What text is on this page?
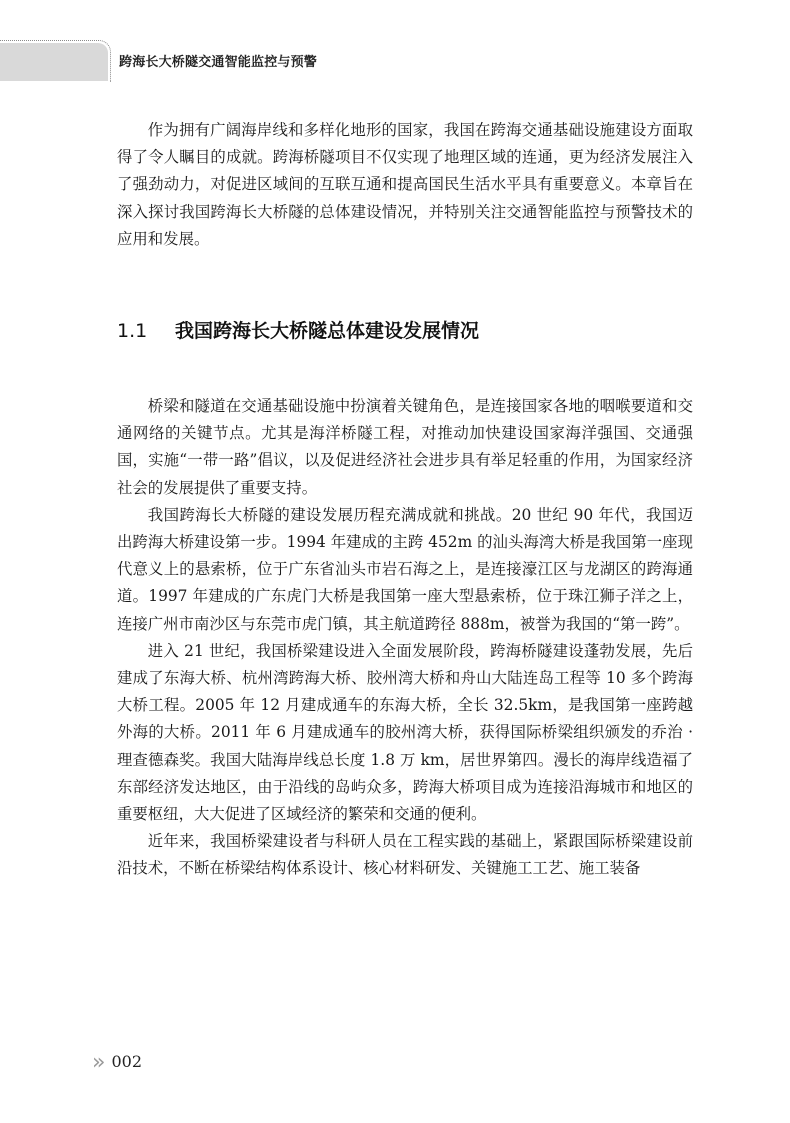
跨海长大桥隧交通智能监控与预警

作为拥有广阔海岸线和多样化地形的国家，我国在跨海交通基础设施建设方面取得了令人瞩目的成就。跨海桥隧项目不仅实现了地理区域的连通，更为经济发展注入了强劲动力，对促进区域间的互联互通和提高国民生活水平具有重要意义。本章旨在深入探讨我国跨海长大桥隧的总体建设情况，并特别关注交通智能监控与预警技术的应用和发展。

1.1 我国跨海长大桥隧总体建设发展情况

桥梁和隧道在交通基础设施中扮演着关键角色，是连接国家各地的咽喉要道和交通网络的关键节点。尤其是海洋桥隧工程，对推动加快建设国家海洋强国、交通强国，实施“一带一路”倡议，以及促进经济社会进步具有举足轻重的作用，为国家经济社会的发展提供了重要支持。

我国跨海长大桥隧的建设发展历程充满成就和挑战。20 世纪 90 年代，我国迈出跨海大桥建设第一步。1994 年建成的主跨 452m 的汕头海湾大桥是我国第一座现代意义上的悬索桥，位于广东省汕头市岩石海之上，是连接濠江区与龙湖区的跨海通道。1997 年建成的广东虎门大桥是我国第一座大型悬索桥，位于珠江狮子洋之上，连接广州市南沙区与东莞市虎门镇，其主航道跨径 888m，被誉为我国的“第一跨”。

进入 21 世纪，我国桥梁建设进入全面发展阶段，跨海桥隧建设蓬勃发展，先后建成了东海大桥、杭州湾跨海大桥、胶州湾大桥和舟山大陆连岛工程等 10 多个跨海大桥工程。2005 年 12 月建成通车的东海大桥，全长 32.5km，是我国第一座跨越外海的大桥。2011 年 6 月建成通车的胶州湾大桥，获得国际桥梁组织颁发的乔治 · 理查德森奖。我国大陆海岸线总长度 1.8 万 km，居世界第四。漫长的海岸线造福了东部经济发达地区，由于沿线的岛屿众多，跨海大桥项目成为连接沿海城市和地区的重要枢纽，大大促进了区域经济的繁荣和交通的便利。

近年来，我国桥梁建设者与科研人员在工程实践的基础上，紧跟国际桥梁建设前沿技术，不断在桥梁结构体系设计、核心材料研发、关键施工工艺、施工装备

» 002
